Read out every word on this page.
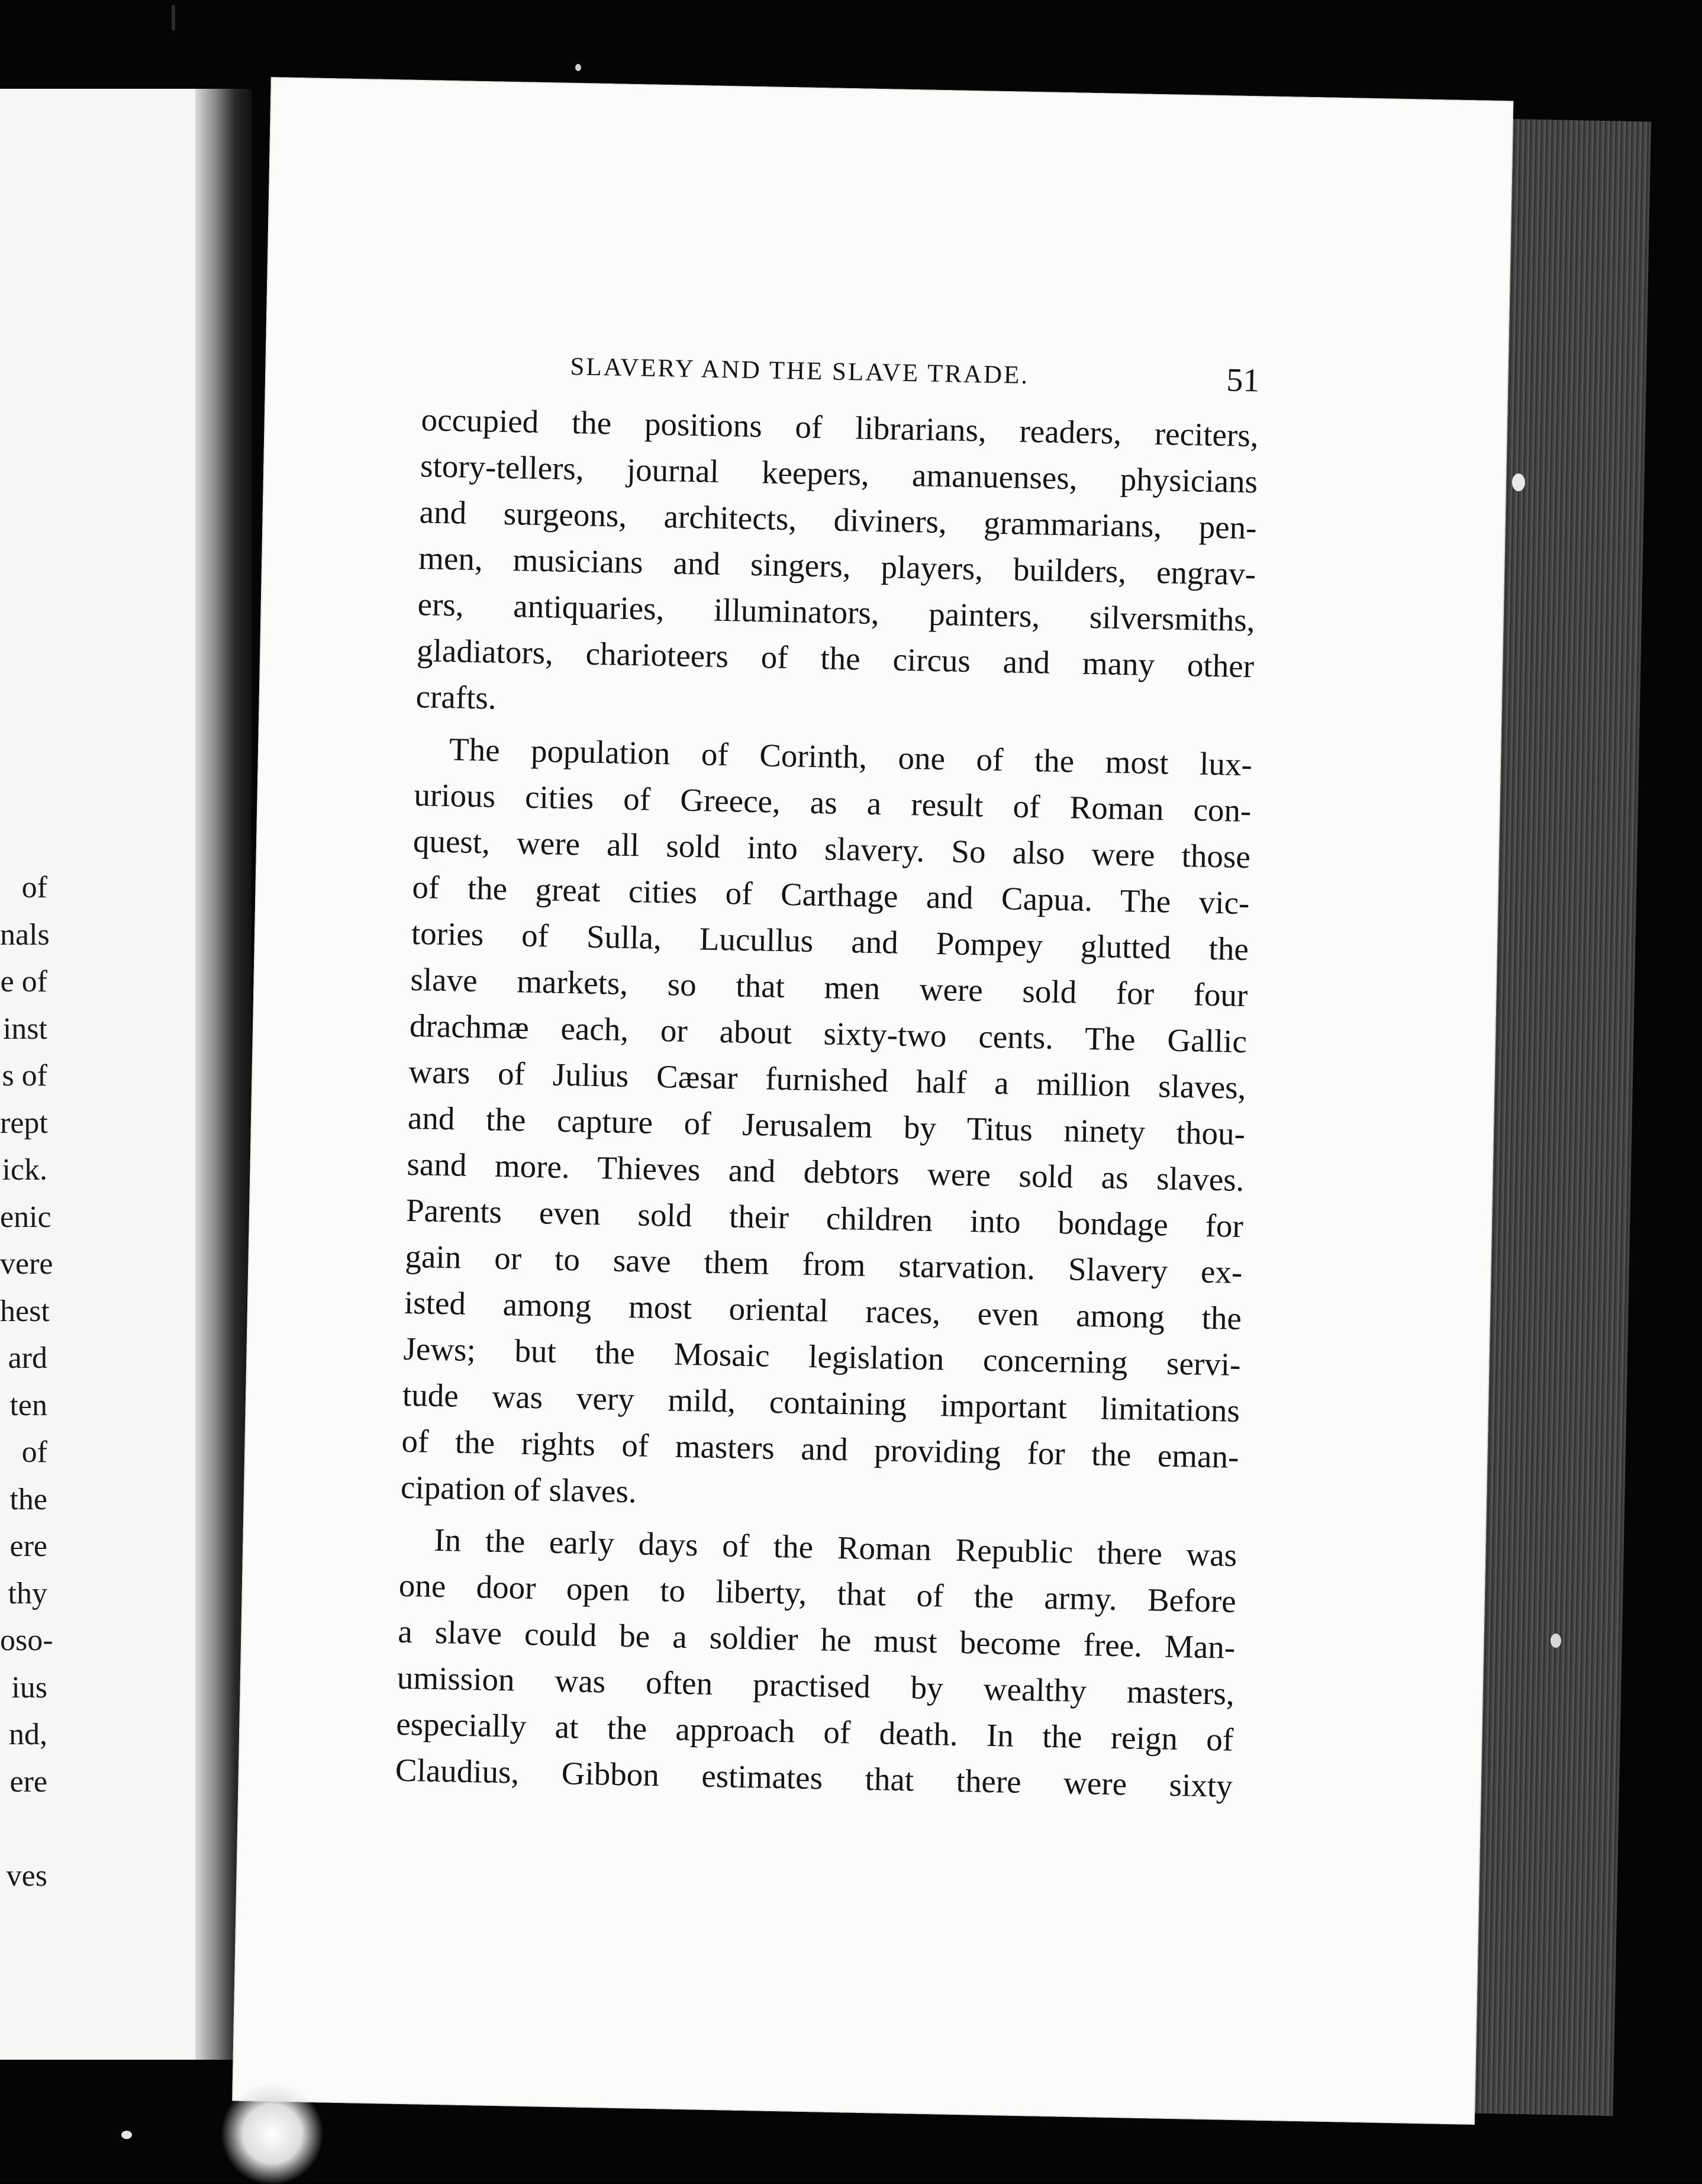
of
nals
e of
inst
s of
rept
ick.
enic
vere
hest
ard
ten
of
the
ere
thy
oso-
ius
nd,
ere
ves
SLAVERY AND THE SLAVE TRADE.	51
occupied the positions of librarians, readers, reciters,
story-tellers, journal keepers, amanuenses, physicians
and surgeons, architects, diviners, grammarians, pen-
men, musicians and singers, players, builders, engrav-
ers, antiquaries, illuminators, painters, silversmiths,
gladiators, charioteers of the circus and many other
crafts.
The population of Corinth, one of the most lux-
urious cities of Greece, as a result of Roman con-
quest, were all sold into slavery. So also were those
of the great cities of Carthage and Capua. The vic-
tories of Sulla, Lucullus and Pompey glutted the
slave markets, so that men were sold for four
drachmæ each, or about sixty-two cents. The Gallic
wars of Julius Cæsar furnished half a million slaves,
and the capture of Jerusalem by Titus ninety thou-
sand more. Thieves and debtors were sold as slaves.
Parents even sold their children into bondage for
gain or to save them from starvation. Slavery ex-
isted among most oriental races, even among the
Jews; but the Mosaic legislation concerning servi-
tude was very mild, containing important limitations
of the rights of masters and providing for the eman-
cipation of slaves.
In the early days of the Roman Republic there was
one door open to liberty, that of the army. Before
a slave could be a soldier he must become free. Man-
umission was often practised by wealthy masters,
especially at the approach of death. In the reign of
Claudius, Gibbon estimates that there were sixty
